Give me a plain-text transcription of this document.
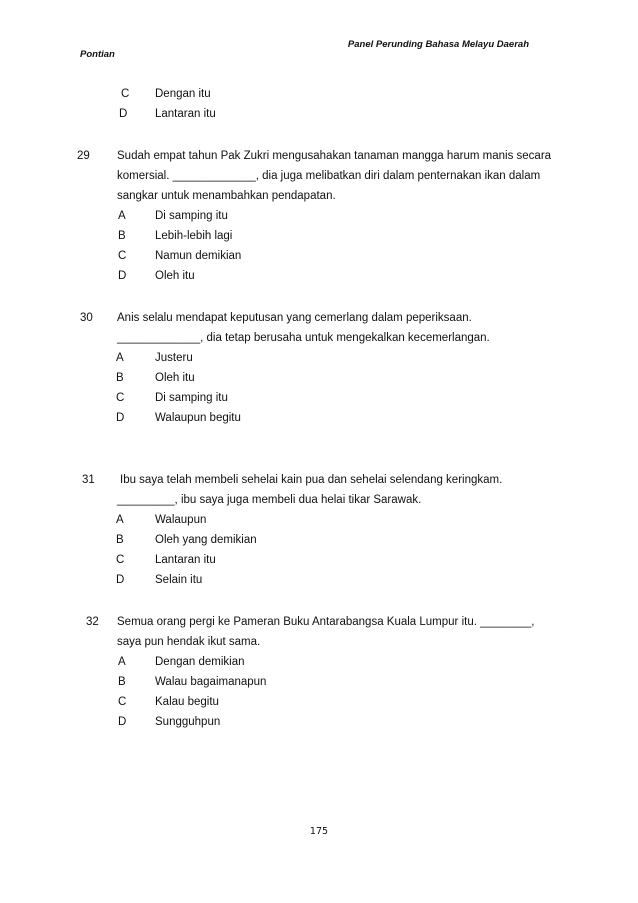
Panel Perunding Bahasa Melayu Daerah
Pontian
C Dengan itu
D Lantaran itu
29 Sudah empat tahun Pak Zukri mengusahakan tanaman mangga harum manis secara
komersial. _____________, dia juga melibatkan diri dalam penternakan ikan dalam
sangkar untuk menambahkan pendapatan.
A	Di samping itu
B	Lebih-lebih lagi
C Namun demikian
D Oleh itu
30 Anis selalu mendapat keputusan yang cemerlang dalam peperiksaan.
_____________, dia tetap berusaha untuk mengekalkan kecemerlangan.
A	Justeru
B	Oleh itu
C	Di samping itu
D	Walaupun begitu
31 Ibu saya telah membeli sehelai kain pua dan sehelai selendang keringkam.
_________, ibu saya juga membeli dua helai tikar Sarawak.
A	Walaupun
B	Oleh yang demikian
C	Lantaran itu
D	Selain itu
32 Semua orang pergi ke Pameran Buku Antarabangsa Kuala Lumpur itu. ________,
saya pun hendak ikut sama.
A	Dengan demikian
B	Walau bagaimanapun
C Kalau begitu
D Sungguhpun
175
